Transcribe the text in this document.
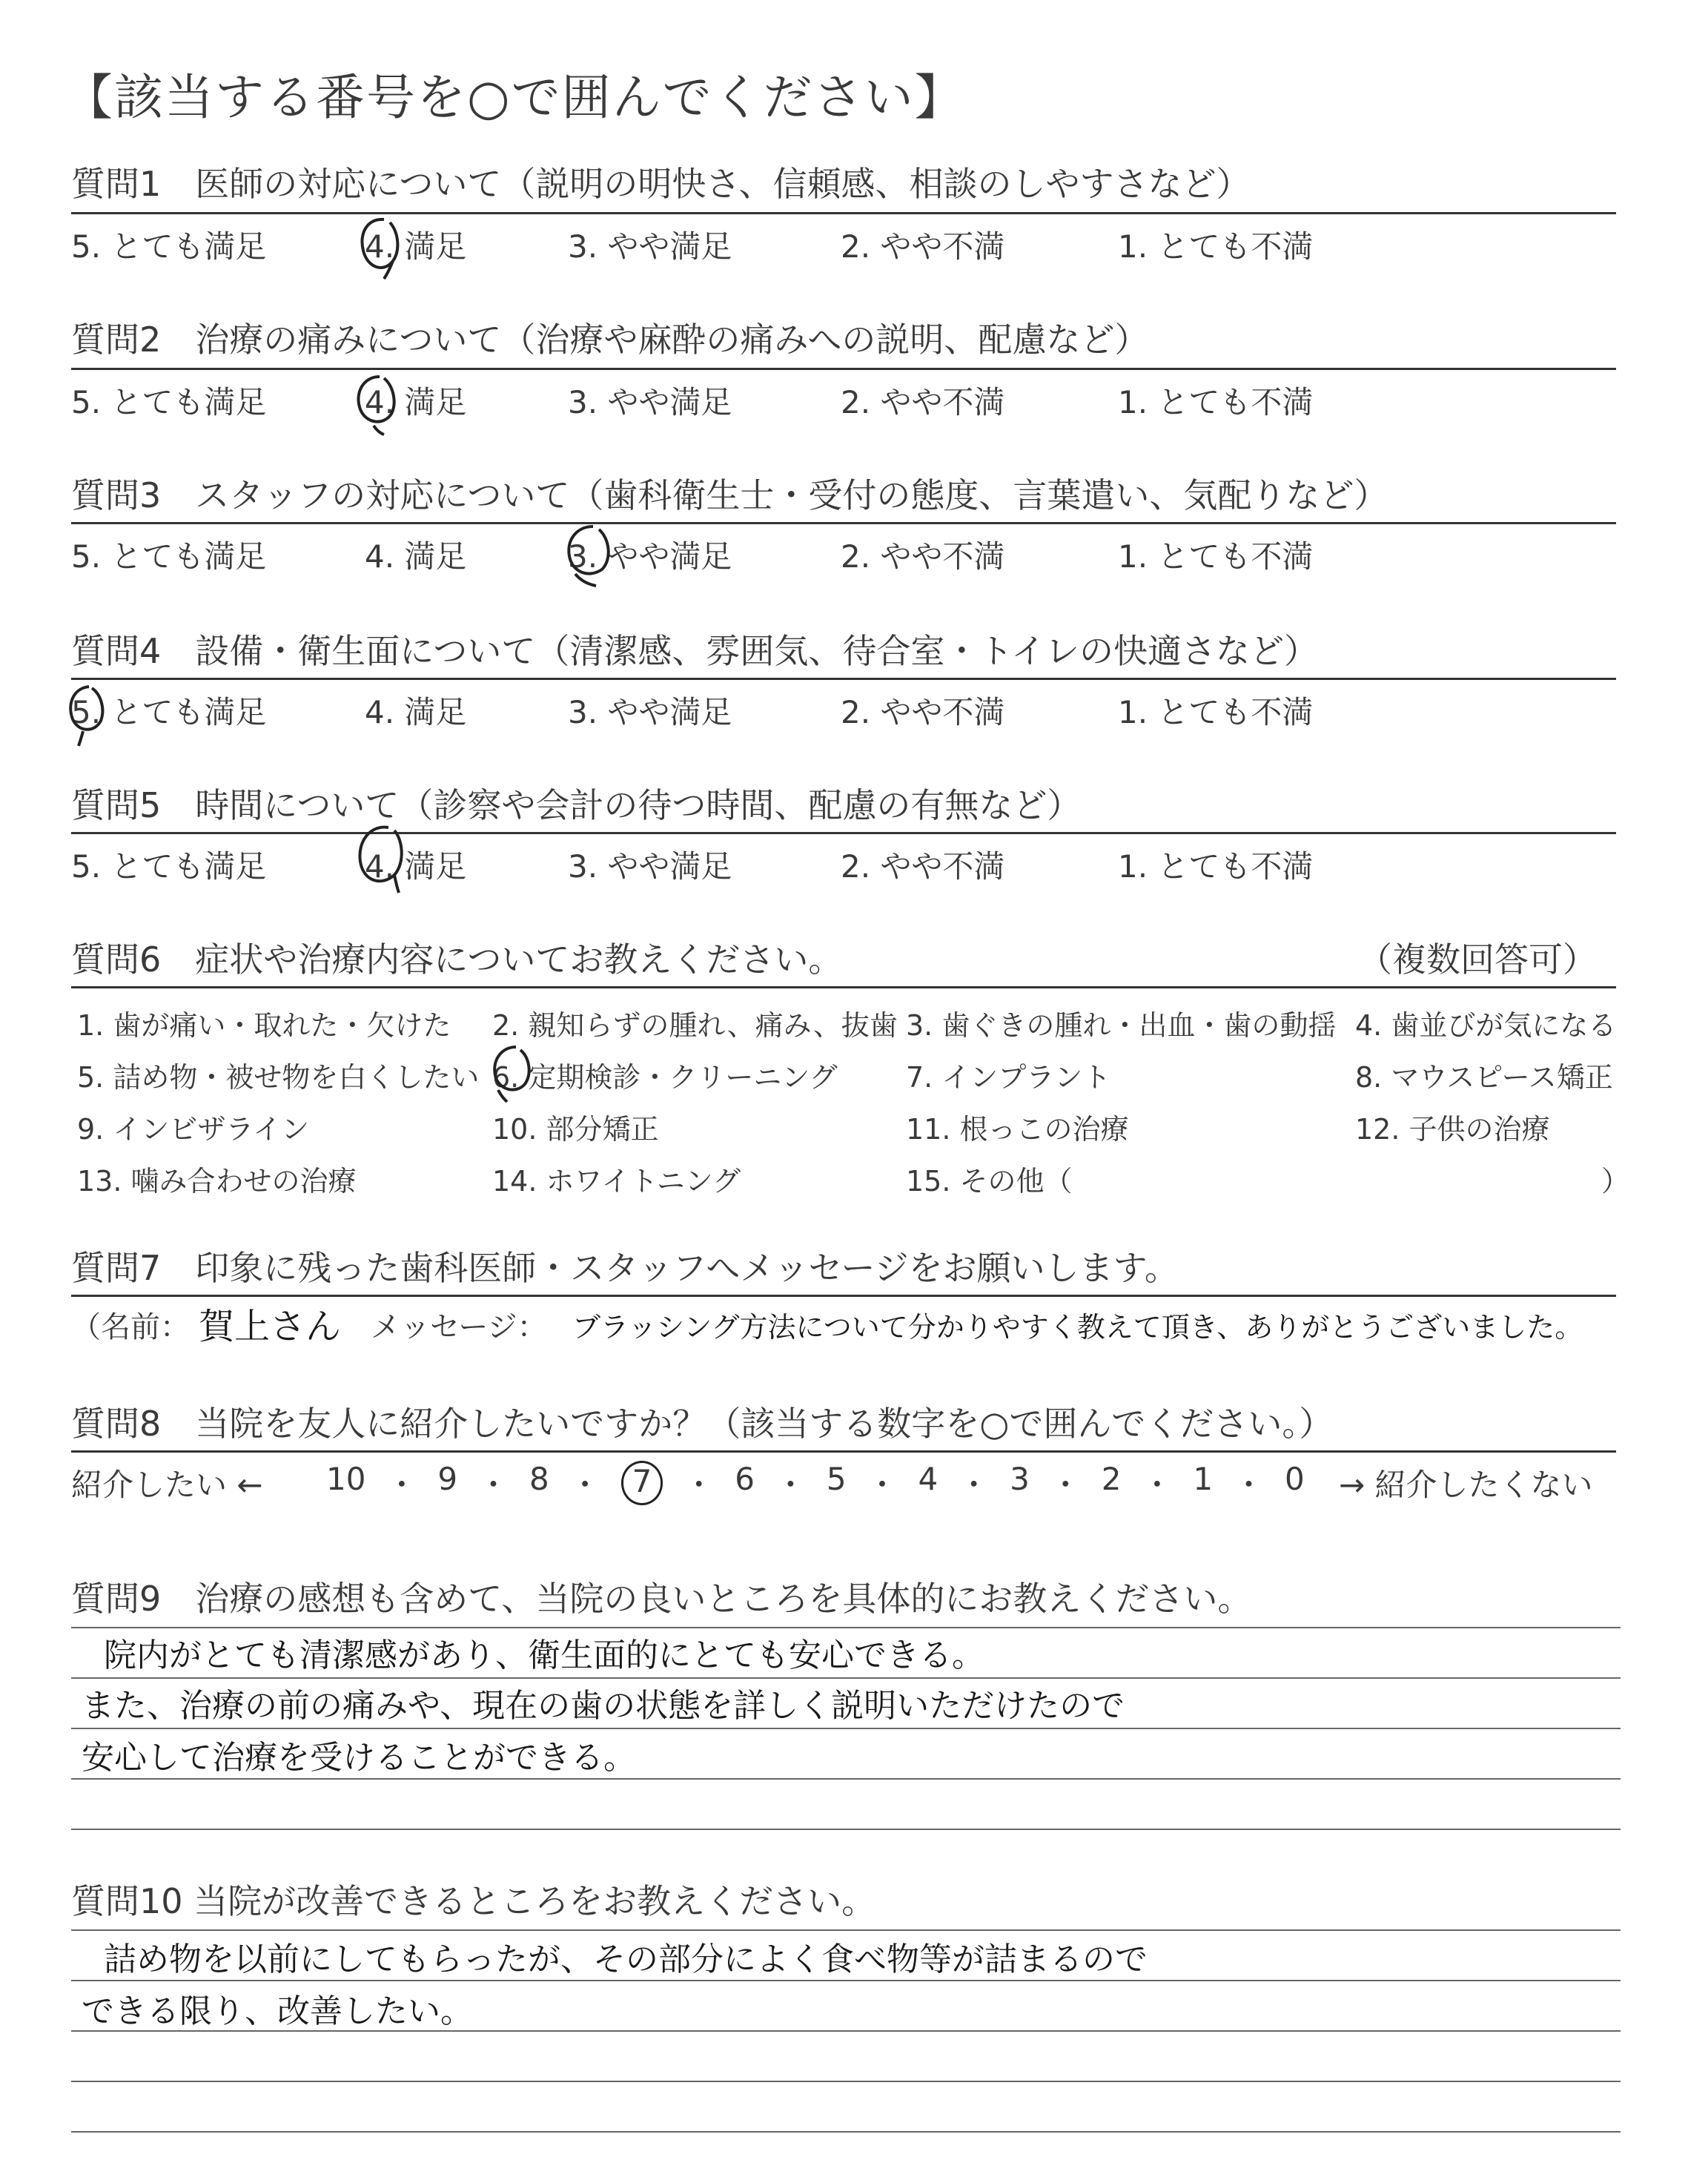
【該当する番号を○で囲んでください】
質問1　医師の対応について（説明の明快さ、信頼感、相談のしやすさなど）
5. とても満足	4. 満足	3. やや満足	2. やや不満	1. とても不満
質問2　治療の痛みについて（治療や麻酔の痛みへの説明、配慮など）
5. とても満足	4. 満足	3. やや満足	2. やや不満	1. とても不満
質問3　スタッフの対応について（歯科衛生士・受付の態度、言葉遣い、気配りなど）
5. とても満足	4. 満足	3. やや満足	2. やや不満	1. とても不満
質問4　設備・衛生面について（清潔感、雰囲気、待合室・トイレの快適さなど）
5. とても満足	4. 満足	3. やや満足	2. やや不満	1. とても不満
質問5　時間について（診察や会計の待つ時間、配慮の有無など）
5. とても満足	4. 満足	3. やや満足	2. やや不満	1. とても不満
質問6　症状や治療内容についてお教えください。	（複数回答可）
1. 歯が痛い・取れた・欠けた 2. 親知らずの腫れ、痛み、抜歯 3. 歯ぐきの腫れ・出血・歯の動揺 4. 歯並びが気になる
5. 詰め物・被せ物を白くしたい 6. 定期検診・クリーニング 7. インプラント	8. マウスピース矯正
9. インビザライン	10. 部分矯正	11. 根っこの治療	12. 子供の治療
13. 噛み合わせの治療	14. ホワイトニング	15. その他（	）
質問7　印象に残った歯科医師・スタッフへメッセージをお願いします。
（名前： 賀上さん メッセージ： ブラッシング方法について分かりやすく教えて頂き、ありがとうございました。
質問8　当院を友人に紹介したいですか？（該当する数字を○で囲んでください。）
紹介したい ← 10 ・ 9 ・ 8 ・	7	・ 6 ・ 5 ・ 4 ・ 3 ・ 2 ・ 1 ・ 0 → 紹介したくない
質問9　治療の感想も含めて、当院の良いところを具体的にお教えください。
院内がとても清潔感があり、衛生面的にとても安心できる。
また、治療の前の痛みや、現在の歯の状態を詳しく説明いただけたので
安心して治療を受けることができる。
質問10 当院が改善できるところをお教えください。
詰め物を以前にしてもらったが、その部分によく食べ物等が詰まるので
できる限り、改善したい。
